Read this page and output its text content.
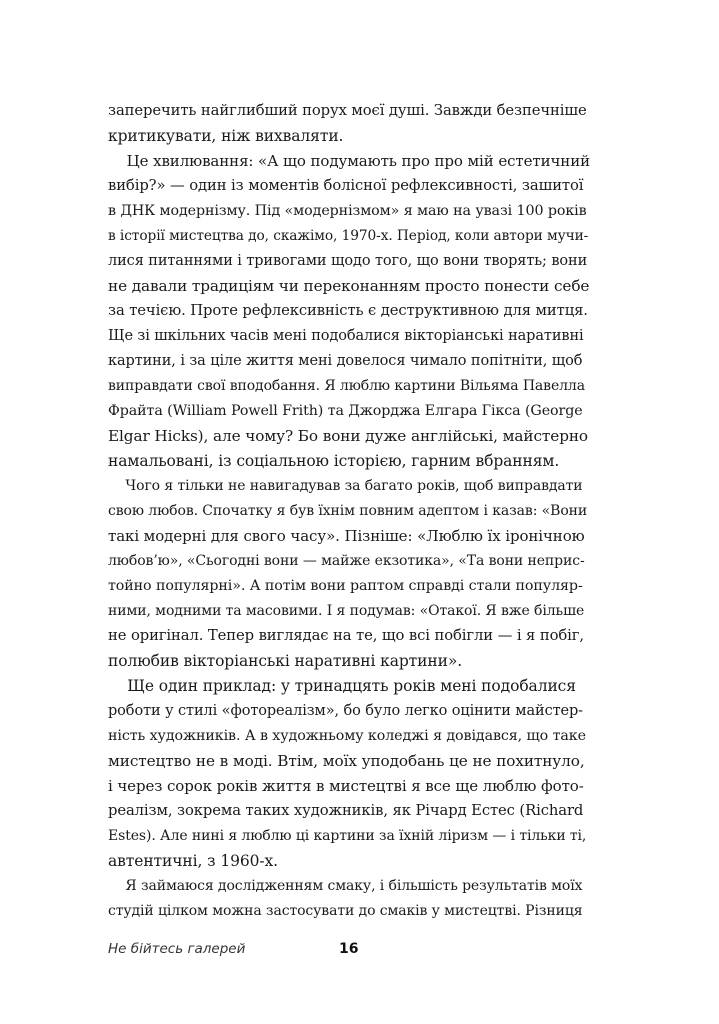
заперечить найглибший порух моєї душі. Завжди безпечніше
критикувати, ніж вихваляти.
Це хвилювання: «А що подумають про про мій естетичний
вибір?» — один із моментів болісної рефлексивності, зашитої
в ДНК модернізму. Під «модернізмом» я маю на увазі 100 років
в історії мистецтва до, скажімо, 1970-х. Період, коли автори мучи-
лися питаннями і тривогами щодо того, що вони творять; вони
не давали традиціям чи переконанням просто понести себе
за течією. Проте рефлексивність є деструктивною для митця.
Ще зі шкільних часів мені подобалися вікторіанські наративні
картини, і за ціле життя мені довелося чимало попітніти, щоб
виправдати свої вподобання. Я люблю картини Вільяма Павелла
Фрайта (William Powell Frith) та Джорджа Елгара Гікса (George
Elgar Hicks), але чому? Бо вони дуже англійські, майстерно
намальовані, із соціальною історією, гарним вбранням.
Чого я тільки не навигадував за багато років, щоб виправдати
свою любов. Спочатку я був їхнім повним адептом і казав: «Вони
такі модерні для свого часу». Пізніше: «Люблю їх іронічною
любов’ю», «Сьогодні вони — майже екзотика», «Та вони неприс-
тойно популярні». А потім вони раптом справді стали популяр-
ними, модними та масовими. І я подумав: «Отакої. Я вже більше
не оригінал. Тепер виглядає на те, що всі побігли — і я побіг,
полюбив вікторіанські наративні картини».
Ще один приклад: у тринадцять років мені подобалися
роботи у стилі «фотореалізм», бо було легко оцінити майстер-
ність художників. А в художньому коледжі я довідався, що таке
мистецтво не в моді. Втім, моїх уподобань це не похитнуло,
і через сорок років життя в мистецтві я все ще люблю фото-
реалізм, зокрема таких художників, як Річард Естес (Richard
Estes). Але нині я люблю ці картини за їхній ліризм — і тільки ті,
автентичні, з 1960-х.
Я займаюся дослідженням смаку, і більшість результатів моїх
студій цілком можна застосувати до смаків у мистецтві. Різниця
Не бійтесь галерей	16
